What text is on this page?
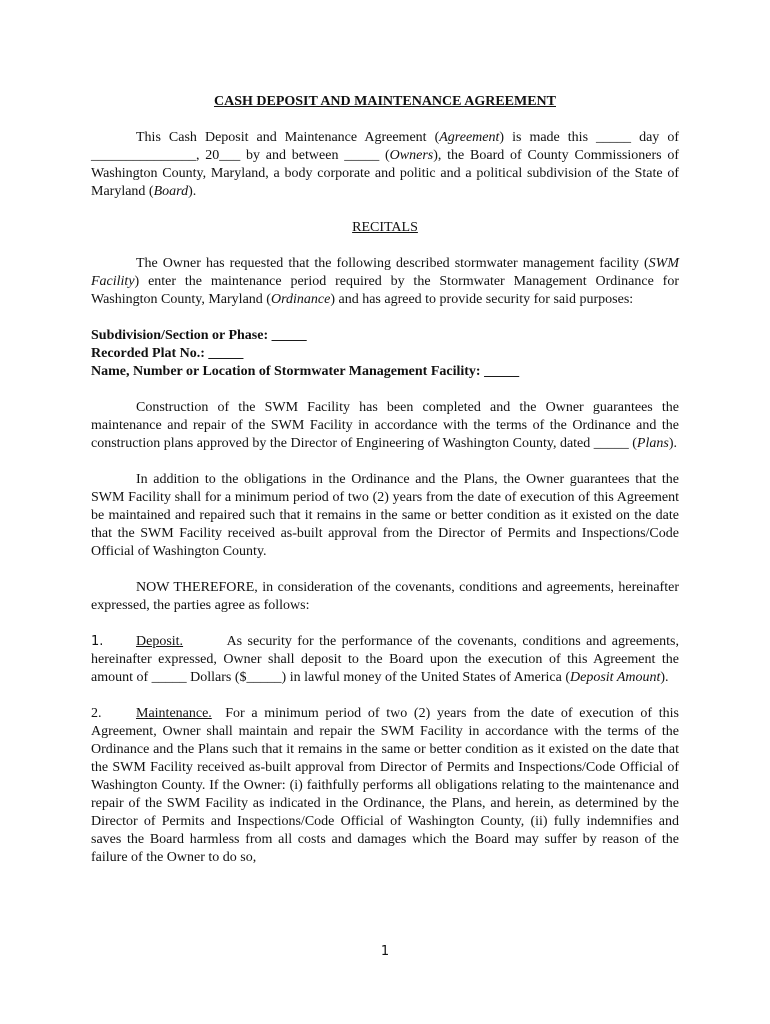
CASH DEPOSIT AND MAINTENANCE AGREEMENT

This Cash Deposit and Maintenance Agreement (Agreement) is made this _____ day of _______________, 20___ by and between _____ (Owners), the Board of County Commissioners of Washington County, Maryland, a body corporate and politic and a political subdivision of the State of Maryland (Board).

RECITALS

The Owner has requested that the following described stormwater management facility (SWM Facility) enter the maintenance period required by the Stormwater Management Ordinance for Washington County, Maryland (Ordinance) and has agreed to provide security for said purposes:

Subdivision/Section or Phase: _____

Recorded Plat No.: _____

Name, Number or Location of Stormwater Management Facility: _____

Construction of the SWM Facility has been completed and the Owner guarantees the maintenance and repair of the SWM Facility in accordance with the terms of the Ordinance and the construction plans approved by the Director of Engineering of Washington County, dated _____ (Plans).

In addition to the obligations in the Ordinance and the Plans, the Owner guarantees that the SWM Facility shall for a minimum period of two (2) years from the date of execution of this Agreement be maintained and repaired such that it remains in the same or better condition as it existed on the date that the SWM Facility received as-built approval from the Director of Permits and Inspections/Code Official of Washington County.

NOW THEREFORE, in consideration of the covenants, conditions and agreements, hereinafter expressed, the parties agree as follows:

1. Deposit.	As security for the performance of the covenants, conditions and agreements, hereinafter expressed, Owner shall deposit to the Board upon the execution of this Agreement the amount of _____ Dollars ($_____) in lawful money of the United States of America (Deposit Amount).

2. Maintenance. For a minimum period of two (2) years from the date of execution of this Agreement, Owner shall maintain and repair the SWM Facility in accordance with the terms of the Ordinance and the Plans such that it remains in the same or better condition as it existed on the date that the SWM Facility received as-built approval from Director of Permits and Inspections/Code Official of Washington County. If the Owner: (i) faithfully performs all obligations relating to the maintenance and repair of the SWM Facility as indicated in the Ordinance, the Plans, and herein, as determined by the Director of Permits and Inspections/Code Official of Washington County, (ii) fully indemnifies and saves the Board harmless from all costs and damages which the Board may suffer by reason of the failure of the Owner to do so,

1
